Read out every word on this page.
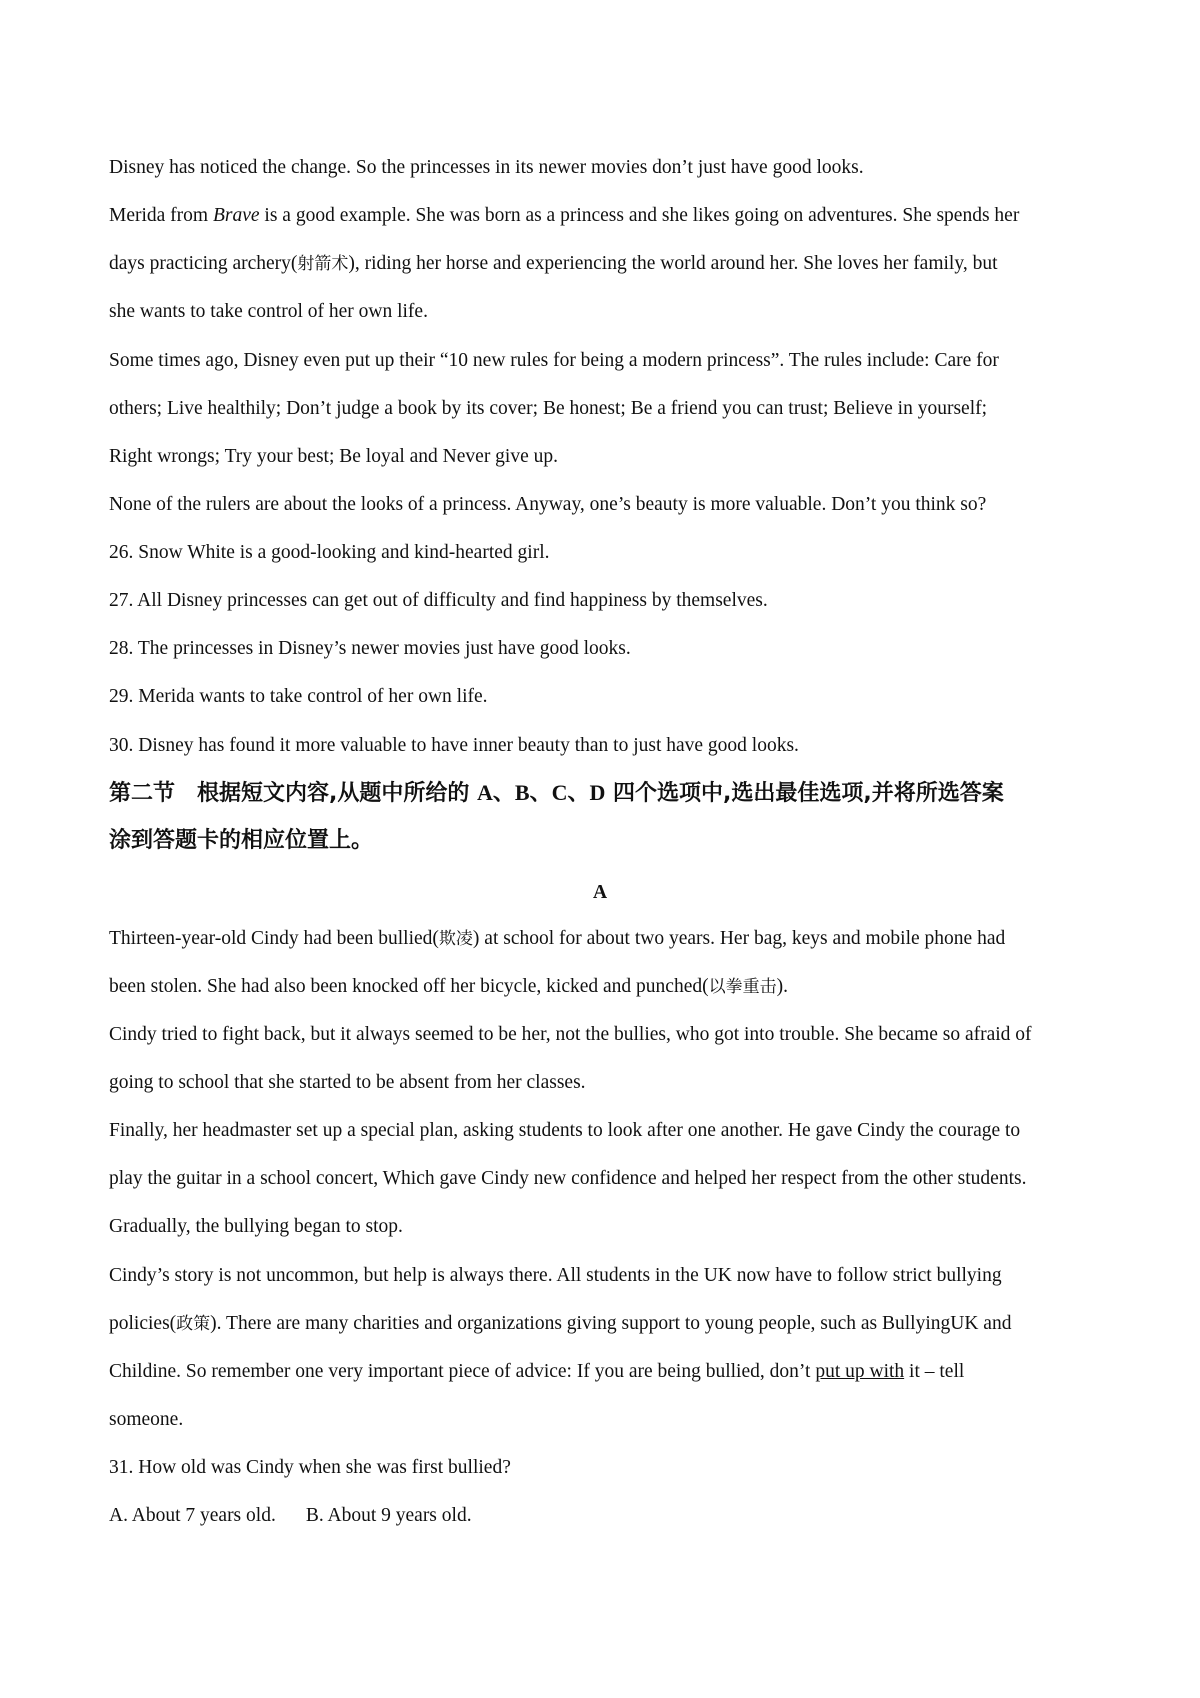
Disney has noticed the change. So the princesses in its newer movies don’t just have good looks.
Merida from Brave is a good example. She was born as a princess and she likes going on adventures. She spends her
days practicing archery(射箭术), riding her horse and experiencing the world around her. She loves her family, but
she wants to take control of her own life.
Some times ago, Disney even put up their “10 new rules for being a modern princess”. The rules include: Care for
others; Live healthily; Don’t judge a book by its cover; Be honest; Be a friend you can trust; Believe in yourself;
Right wrongs; Try your best; Be loyal and Never give up.
None of the rulers are about the looks of a princess. Anyway, one’s beauty is more valuable. Don’t you think so?
26. Snow White is a good-looking and kind-hearted girl.
27. All Disney princesses can get out of difficulty and find happiness by themselves.
28. The princesses in Disney’s newer movies just have good looks.
29. Merida wants to take control of her own life.
30. Disney has found it more valuable to have inner beauty than to just have good looks.
第二节　根据短文内容,从题中所给的 A、B、C、D 四个选项中,选出最佳选项,并将所选答案
涂到答题卡的相应位置上。
A
Thirteen-year-old Cindy had been bullied(欺凌) at school for about two years. Her bag, keys and mobile phone had
been stolen. She had also been knocked off her bicycle, kicked and punched(以拳重击).
Cindy tried to fight back, but it always seemed to be her, not the bullies, who got into trouble. She became so afraid of
going to school that she started to be absent from her classes.
Finally, her headmaster set up a special plan, asking students to look after one another. He gave Cindy the courage to
play the guitar in a school concert, Which gave Cindy new confidence and helped her respect from the other students.
Gradually, the bullying began to stop.
Cindy’s story is not uncommon, but help is always there. All students in the UK now have to follow strict bullying
policies(政策). There are many charities and organizations giving support to young people, such as BullyingUK and
Childine. So remember one very important piece of advice: If you are being bullied, don’t put up with it – tell
someone.
31. How old was Cindy when she was first bullied?
A. About 7 years old. B. About 9 years old.
